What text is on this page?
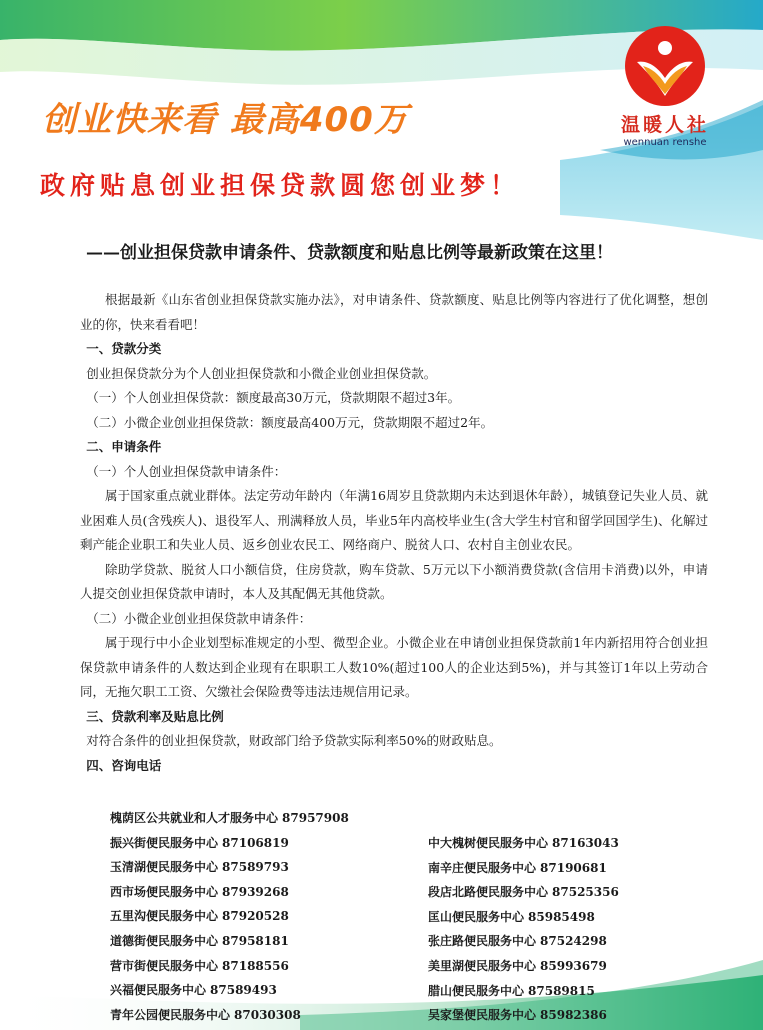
温暖人社
wennuan renshe
创业快来看 最高400万
政府贴息创业担保贷款圆您创业梦！
——创业担保贷款申请条件、贷款额度和贴息比例等最新政策在这里！

根据最新《山东省创业担保贷款实施办法》，对申请条件、贷款额度、贴息比例等内容进行了优化调整，想创业的你，快来看看吧！

一、贷款分类

创业担保贷款分为个人创业担保贷款和小微企业创业担保贷款。

（一）个人创业担保贷款：额度最高30万元，贷款期限不超过3年。

（二）小微企业创业担保贷款：额度最高400万元，贷款期限不超过2年。

二、申请条件

（一）个人创业担保贷款申请条件：

属于国家重点就业群体。法定劳动年龄内（年满16周岁且贷款期内未达到退休年龄），城镇登记失业人员、就业困难人员(含残疾人)、退役军人、刑满释放人员，毕业5年内高校毕业生(含大学生村官和留学回国学生)、化解过剩产能企业职工和失业人员、返乡创业农民工、网络商户、脱贫人口、农村自主创业农民。

除助学贷款、脱贫人口小额信贷，住房贷款，购车贷款、5万元以下小额消费贷款(含信用卡消费)以外，申请人提交创业担保贷款申请时，本人及其配偶无其他贷款。

（二）小微企业创业担保贷款申请条件：

属于现行中小企业划型标准规定的小型、微型企业。小微企业在申请创业担保贷款前1年内新招用符合创业担保贷款申请条件的人数达到企业现有在职职工人数10%(超过100人的企业达到5%)，并与其签订1年以上劳动合同，无拖欠职工工资、欠缴社会保险费等违法违规信用记录。

三、贷款利率及贴息比例

对符合条件的创业担保贷款，财政部门给予贷款实际利率50%的财政贴息。

四、咨询电话

槐荫区公共就业和人才服务中心 87957908
振兴街便民服务中心 87106819
玉清湖便民服务中心 87589793
西市场便民服务中心 87939268
五里沟便民服务中心 87920528
道德街便民服务中心 87958181
营市街便民服务中心 87188556
兴福便民服务中心 87589493
青年公园便民服务中心 87030308
中大槐树便民服务中心 87163043
南辛庄便民服务中心 87190681
段店北路便民服务中心 87525356
匡山便民服务中心 85985498
张庄路便民服务中心 87524298
美里湖便民服务中心 85993679
腊山便民服务中心 87589815
吴家堡便民服务中心 85982386
